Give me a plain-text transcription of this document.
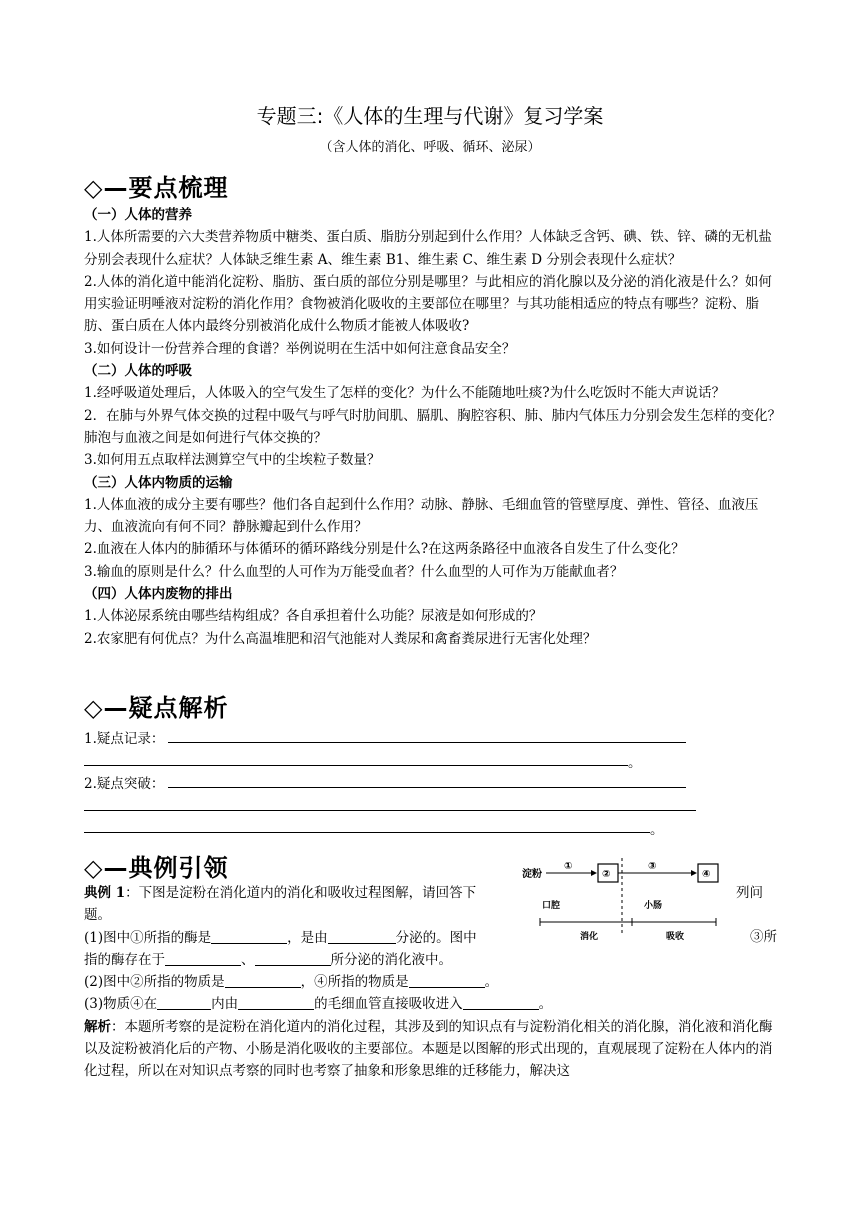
专题三:《人体的生理与代谢》复习学案
（含人体的消化、呼吸、循环、泌尿）
◇—要点梳理

（一）人体的营养

1.人体所需要的六大类营养物质中糖类、蛋白质、脂肪分别起到什么作用？人体缺乏含钙、碘、铁、锌、磷的无机盐分别会表现什么症状？人体缺乏维生素 A、维生素 B1、维生素 C、维生素 D 分别会表现什么症状？

2.人体的消化道中能消化淀粉、脂肪、蛋白质的部位分别是哪里？与此相应的消化腺以及分泌的消化液是什么？如何用实验证明唾液对淀粉的消化作用？食物被消化吸收的主要部位在哪里？与其功能相适应的特点有哪些？淀粉、脂肪、蛋白质在人体内最终分别被消化成什么物质才能被人体吸收?

3.如何设计一份营养合理的食谱？举例说明在生活中如何注意食品安全？

（二）人体的呼吸

1.经呼吸道处理后，人体吸入的空气发生了怎样的变化？为什么不能随地吐痰?为什么吃饭时不能大声说话？

2．在肺与外界气体交换的过程中吸气与呼气时肋间肌、膈肌、胸腔容积、肺、肺内气体压力分别会发生怎样的变化？肺泡与血液之间是如何进行气体交换的？

3.如何用五点取样法测算空气中的尘埃粒子数量？

（三）人体内物质的运输

1.人体血液的成分主要有哪些？他们各自起到什么作用？动脉、静脉、毛细血管的管壁厚度、弹性、管径、血液压力、血液流向有何不同？静脉瓣起到什么作用？

2.血液在人体内的肺循环与体循环的循环路线分别是什么?在这两条路径中血液各自发生了什么变化？

3.输血的原则是什么？什么血型的人可作为万能受血者？什么血型的人可作为万能献血者？

（四）人体内废物的排出

1.人体泌尿系统由哪些结构组成？各自承担着什么功能？尿液是如何形成的？

2.农家肥有何优点？为什么高温堆肥和沼气池能对人粪尿和禽畜粪尿进行无害化处理？

◇—疑点解析
1.疑点记录：
。
2.疑点突破：
。
◇—典例引领	淀粉
①
②
③
④
口腔	小肠
消化	吸收

典例 1：下图是淀粉在消化道内的消化和吸收过程图解，请回答下

题。

(1)图中①所指的酶是	，是由	分泌的。图中

指的酶存在于	、	所分泌的消化液中。

(2)图中②所指的物质是	，④所指的物质是	。

(3)物质④在	内由	的毛细血管直接吸收进入	。

解析：本题所考察的是淀粉在消化道内的消化过程，其涉及到的知识点有与淀粉消化相关的消化腺，消化液和消化酶以及淀粉被消化后的产物、小肠是消化吸收的主要部位。本题是以图解的形式出现的，直观展现了淀粉在人体内的消化过程，所以在对知识点考察的同时也考察了抽象和形象思维的迁移能力，解决这

列问
③所
